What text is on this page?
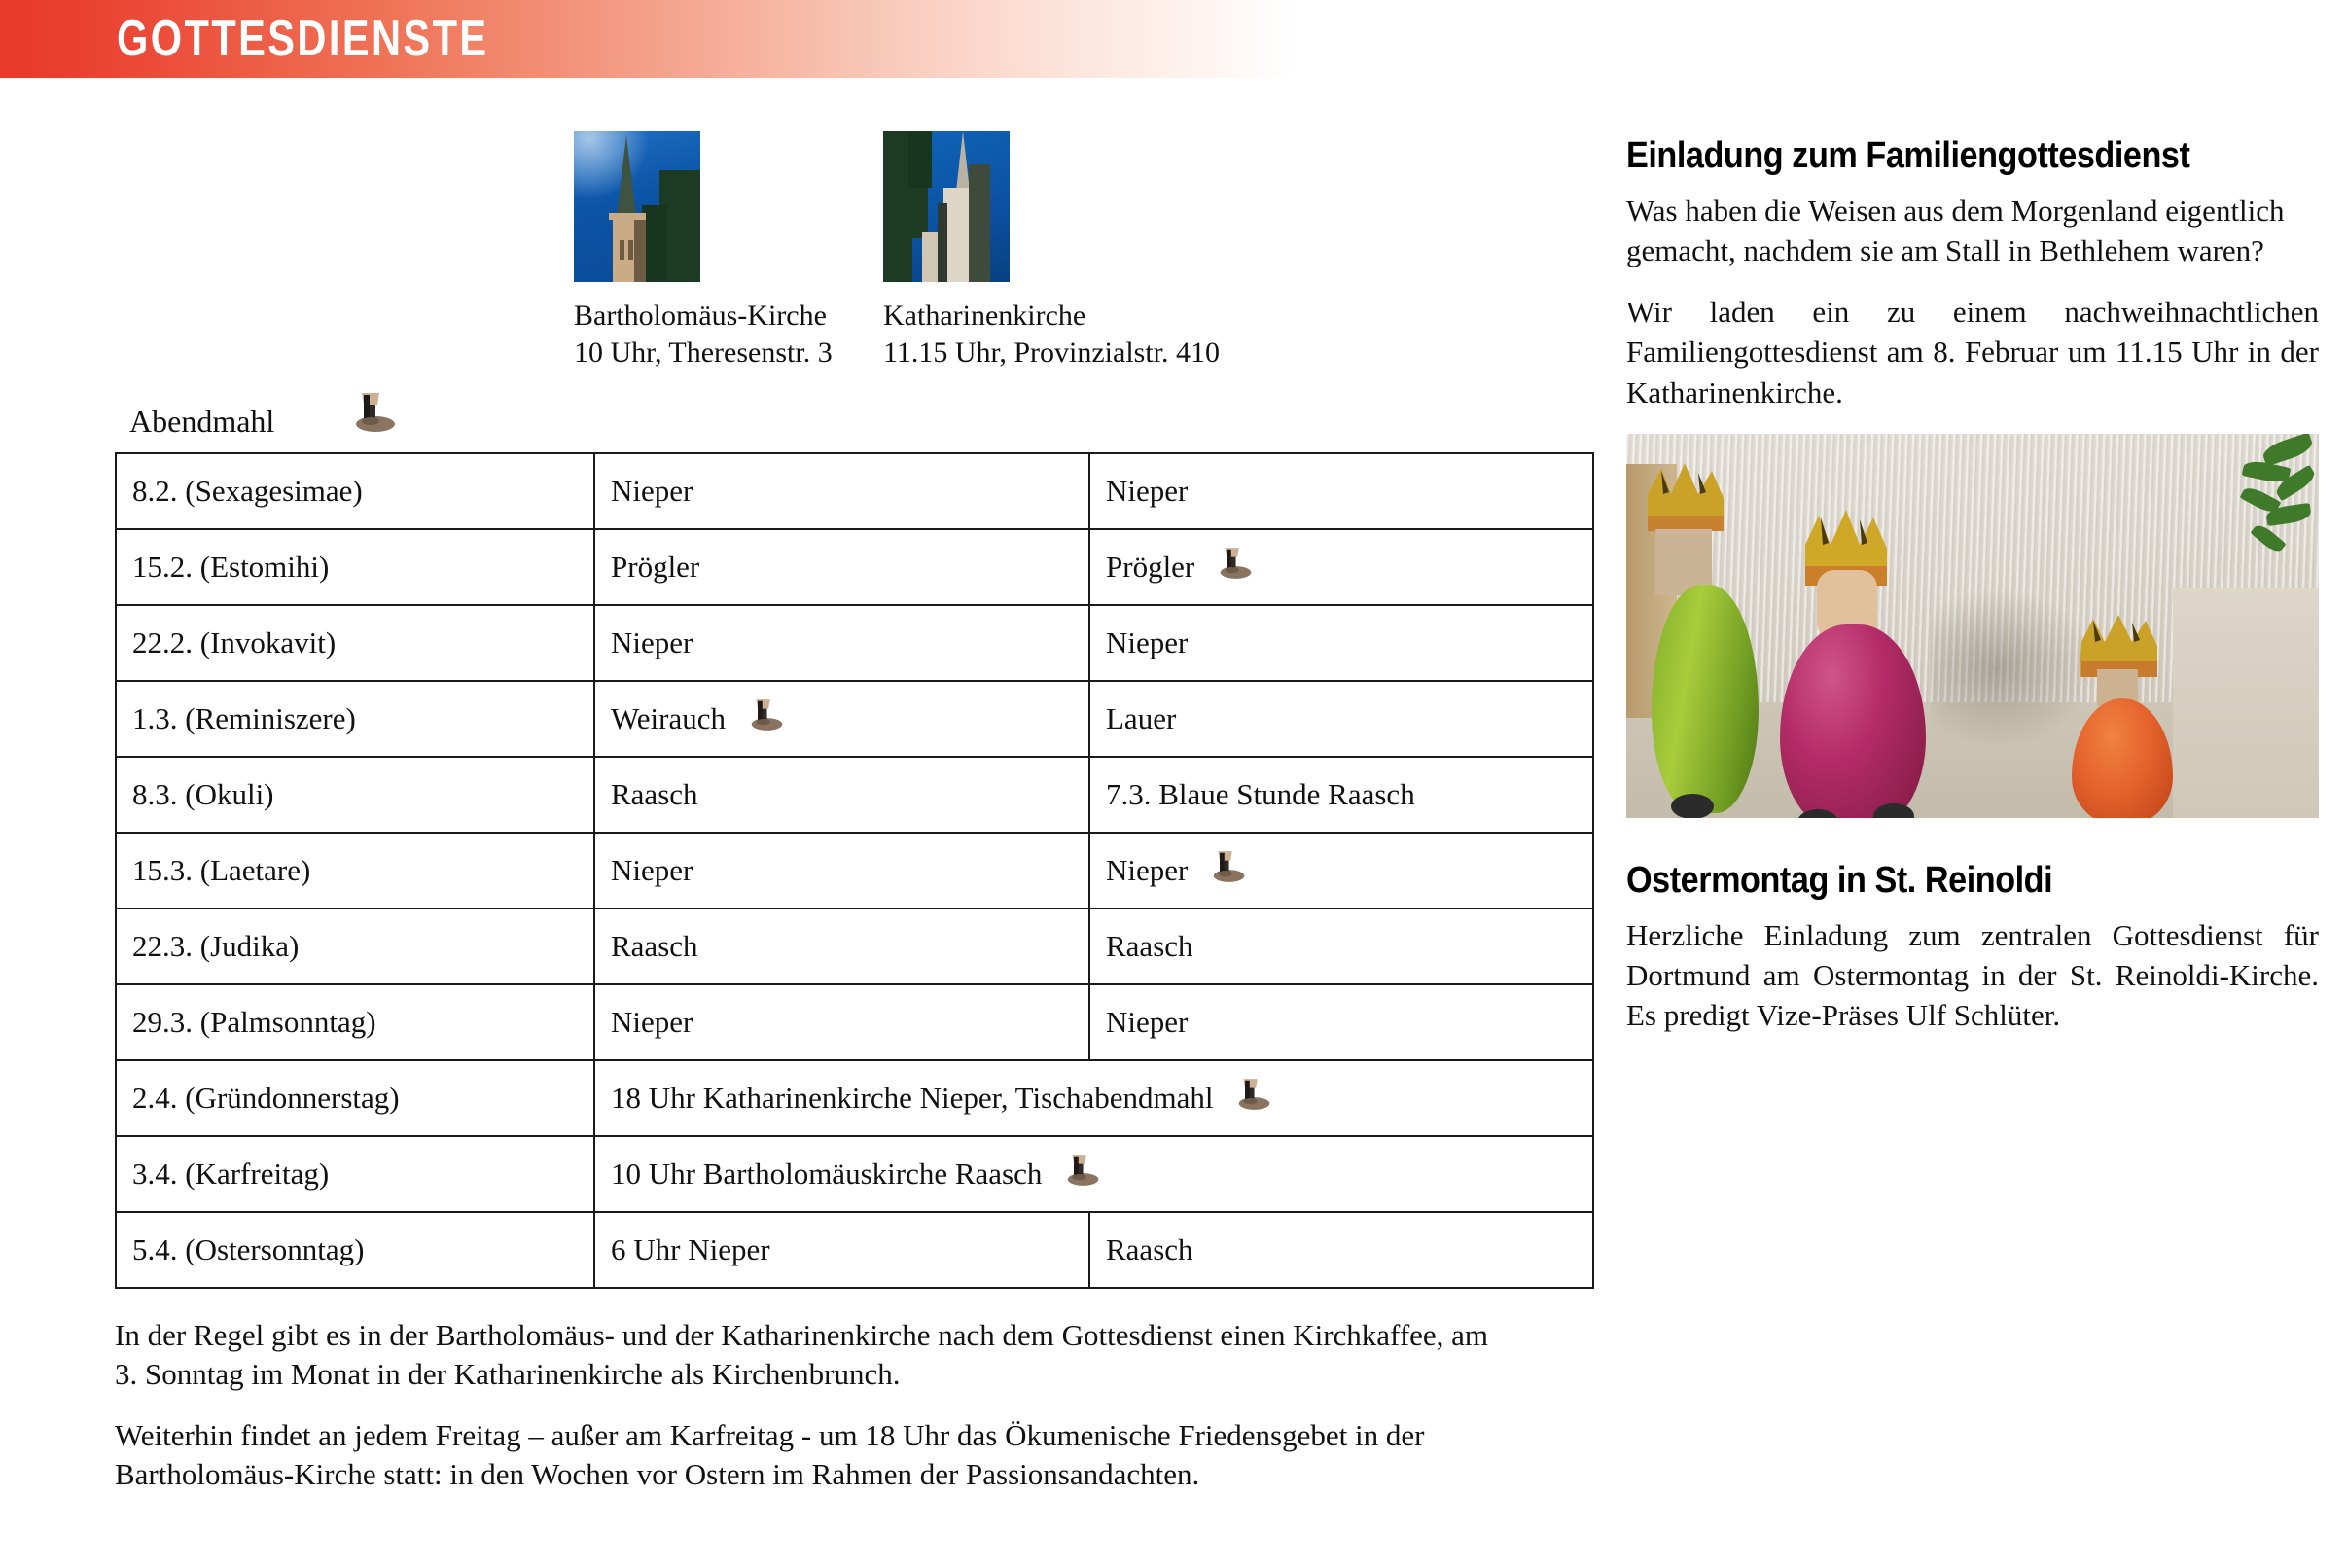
GOTTESDIENSTE
Abendmahl
Bartholomäus-Kirche
10 Uhr, Theresenstr. 3
Katharinenkirche
11.15 Uhr, Provinzialstr. 410
8.2. (Sexagesimae)	Nieper	Nieper

15.2. (Estomihi)	Prögler	Prögler

22.2. (Invokavit)	Nieper	Nieper

1.3. (Reminiszere)	Weirauch	Lauer

8.3. (Okuli)	Raasch	7.3. Blaue Stunde Raasch

15.3. (Laetare)	Nieper	Nieper

22.3. (Judika)	Raasch	Raasch

29.3. (Palmsonntag)	Nieper	Nieper

2.4. (Gründonnerstag)	18 Uhr Katharinenkirche Nieper, Tischabendmahl	

3.4. (Karfreitag)	10 Uhr Bartholomäuskirche Raasch	

5.4. (Ostersonntag)	6 Uhr Nieper	Raasch

In der Regel gibt es in der Bartholomäus- und der Katharinenkirche nach dem Gottesdienst einen Kirchkaffee, am 3. Sonntag im Monat in der Katharinenkirche als Kirchenbrunch.

Weiterhin findet an jedem Freitag – außer am Karfreitag - um 18 Uhr das Ökumenische Friedensgebet in der Bartholomäus-Kirche statt: in den Wochen vor Ostern im Rahmen der Passionsandachten.

Einladung zum Familiengottesdienst

Was haben die Weisen aus dem Morgenland eigentlich gemacht, nachdem sie am Stall in Bethlehem waren?

Wir laden ein zu einem nachweihnachtlichen Familiengottesdienst am 8. Februar um 11.15 Uhr in der Katharinenkirche.

Ostermontag in St. Reinoldi

Herzliche Einladung zum zentralen Gottesdienst für Dortmund am Ostermontag in der St. Reinoldi-Kirche. Es predigt Vize-Präses Ulf Schlüter.
